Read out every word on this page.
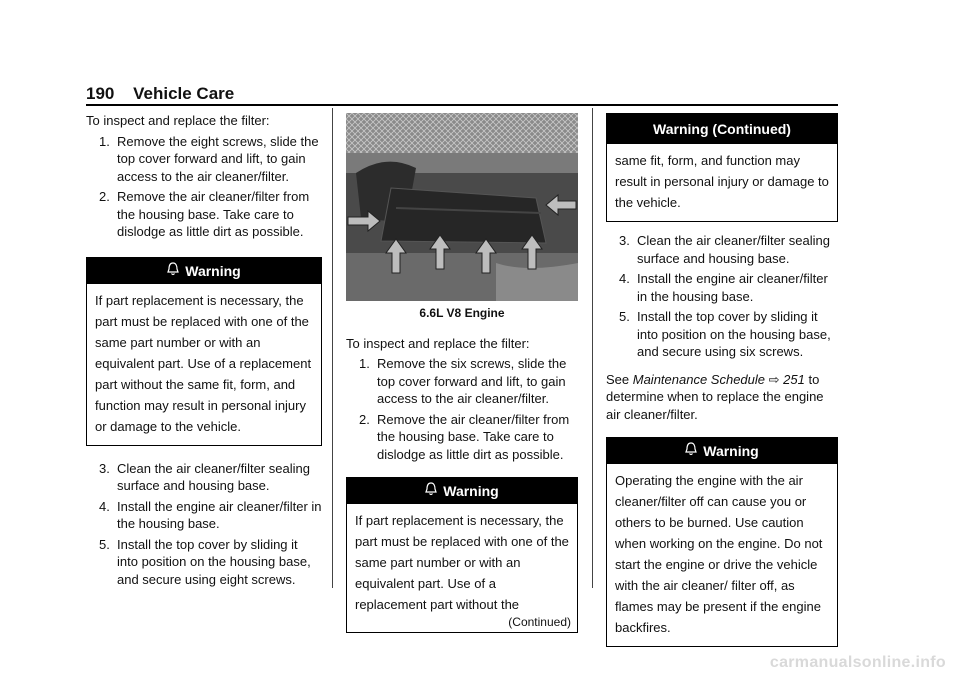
190 Vehicle Care

To inspect and replace the filter:

1. Remove the eight screws, slide the top cover forward and lift, to gain access to the air cleaner/filter.
2. Remove the air cleaner/filter from the housing base. Take care to dislodge as little dirt as possible.
Warning
If part replacement is necessary, the part must be replaced with one of the same part number or with an equivalent part. Use of a replacement part without the same fit, form, and function may result in personal injury or damage to the vehicle.
3. Clean the air cleaner/filter sealing surface and housing base.
4. Install the engine air cleaner/filter in the housing base.
5. Install the top cover by sliding it into position on the housing base, and secure using eight screws.
6.6L V8 Engine

To inspect and replace the filter:

1. Remove the six screws, slide the top cover forward and lift, to gain access to the air cleaner/filter.
2. Remove the air cleaner/filter from the housing base. Take care to dislodge as little dirt as possible.
Warning
If part replacement is necessary, the part must be replaced with one of the same part number or with an equivalent part. Use of a replacement part without the
(Continued)
Warning (Continued)
same fit, form, and function may result in personal injury or damage to the vehicle.
3. Clean the air cleaner/filter sealing surface and housing base.
4. Install the engine air cleaner/filter in the housing base.
5. Install the top cover by sliding it into position on the housing base, and secure using six screws.

See Maintenance Schedule ⇨ 251 to determine when to replace the engine air cleaner/filter.

Warning
Operating the engine with the air cleaner/filter off can cause you or others to be burned. Use caution when working on the engine. Do not start the engine or drive the vehicle with the air cleaner/ filter off, as flames may be present if the engine backfires.
carmanualsonline.info
